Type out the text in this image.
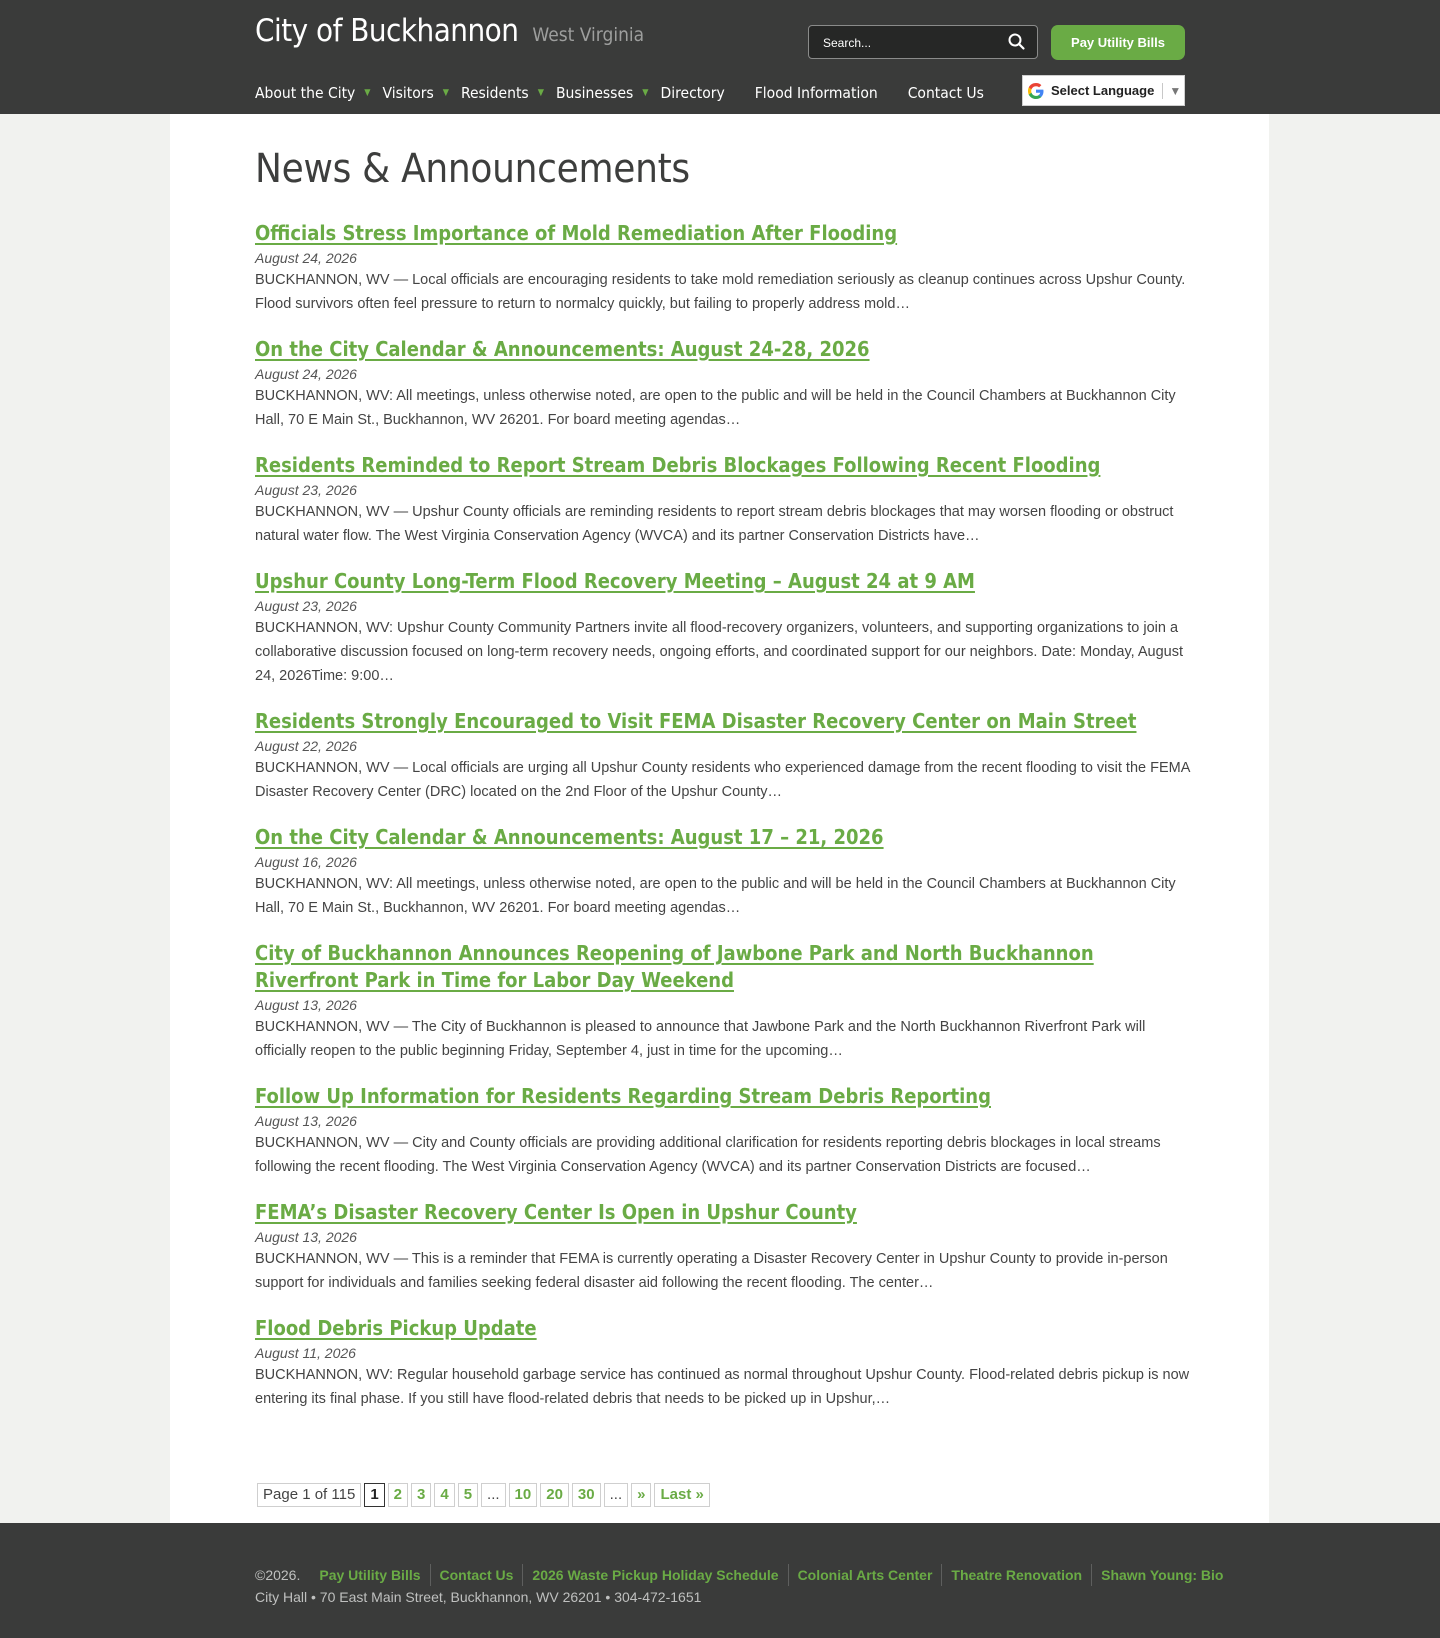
City of Buckhannon West Virginia
Search...	Pay Utility Bills
About the City ▼ Visitors ▼ Residents ▼ Businesses ▼ Directory Flood Information Contact Us	Select Language ▼
News & Announcements
Officials Stress Importance of Mold Remediation After Flooding
August 24, 2026

BUCKHANNON, WV — Local officials are encouraging residents to take mold remediation seriously as cleanup continues across Upshur County. Flood survivors often feel pressure to return to normalcy quickly, but failing to properly address mold…

On the City Calendar & Announcements: August 24-28, 2026
August 24, 2026

BUCKHANNON, WV: All meetings, unless otherwise noted, are open to the public and will be held in the Council Chambers at Buckhannon City Hall, 70 E Main St., Buckhannon, WV 26201. For board meeting agendas…

Residents Reminded to Report Stream Debris Blockages Following Recent Flooding
August 23, 2026

BUCKHANNON, WV — Upshur County officials are reminding residents to report stream debris blockages that may worsen flooding or obstruct natural water flow. The West Virginia Conservation Agency (WVCA) and its partner Conservation Districts have…

Upshur County Long-Term Flood Recovery Meeting – August 24 at 9 AM
August 23, 2026

BUCKHANNON, WV: Upshur County Community Partners invite all flood-recovery organizers, volunteers, and supporting organizations to join a collaborative discussion focused on long-term recovery needs, ongoing efforts, and coordinated support for our neighbors. Date: Monday, August 24, 2026Time: 9:00…

Residents Strongly Encouraged to Visit FEMA Disaster Recovery Center on Main Street
August 22, 2026

BUCKHANNON, WV — Local officials are urging all Upshur County residents who experienced damage from the recent flooding to visit the FEMA Disaster Recovery Center (DRC) located on the 2nd Floor of the Upshur County…

On the City Calendar & Announcements: August 17 – 21, 2026
August 16, 2026

BUCKHANNON, WV: All meetings, unless otherwise noted, are open to the public and will be held in the Council Chambers at Buckhannon City Hall, 70 E Main St., Buckhannon, WV 26201. For board meeting agendas…

City of Buckhannon Announces Reopening of Jawbone Park and North Buckhannon Riverfront Park in Time for Labor Day Weekend
August 13, 2026

BUCKHANNON, WV — The City of Buckhannon is pleased to announce that Jawbone Park and the North Buckhannon Riverfront Park will officially reopen to the public beginning Friday, September 4, just in time for the upcoming…

Follow Up Information for Residents Regarding Stream Debris Reporting
August 13, 2026

BUCKHANNON, WV — City and County officials are providing additional clarification for residents reporting debris blockages in local streams following the recent flooding. The West Virginia Conservation Agency (WVCA) and its partner Conservation Districts are focused…

FEMA’s Disaster Recovery Center Is Open in Upshur County
August 13, 2026

BUCKHANNON, WV — This is a reminder that FEMA is currently operating a Disaster Recovery Center in Upshur County to provide in-person support for individuals and families seeking federal disaster aid following the recent flooding. The center…

Flood Debris Pickup Update
August 11, 2026

BUCKHANNON, WV: Regular household garbage service has continued as normal throughout Upshur County. Flood-related debris pickup is now entering its final phase. If you still have flood-related debris that needs to be picked up in Upshur,…

Page 1 of 115	1	2	3	4	5	...	10	20	30	...	»	Last »
©2026.	Pay Utility Bills	Contact Us	2026 Waste Pickup Holiday Schedule	Colonial Arts Center	Theatre Renovation	Shawn Young: Bio
City Hall • 70 East Main Street, Buckhannon, WV 26201 • 304-472-1651
